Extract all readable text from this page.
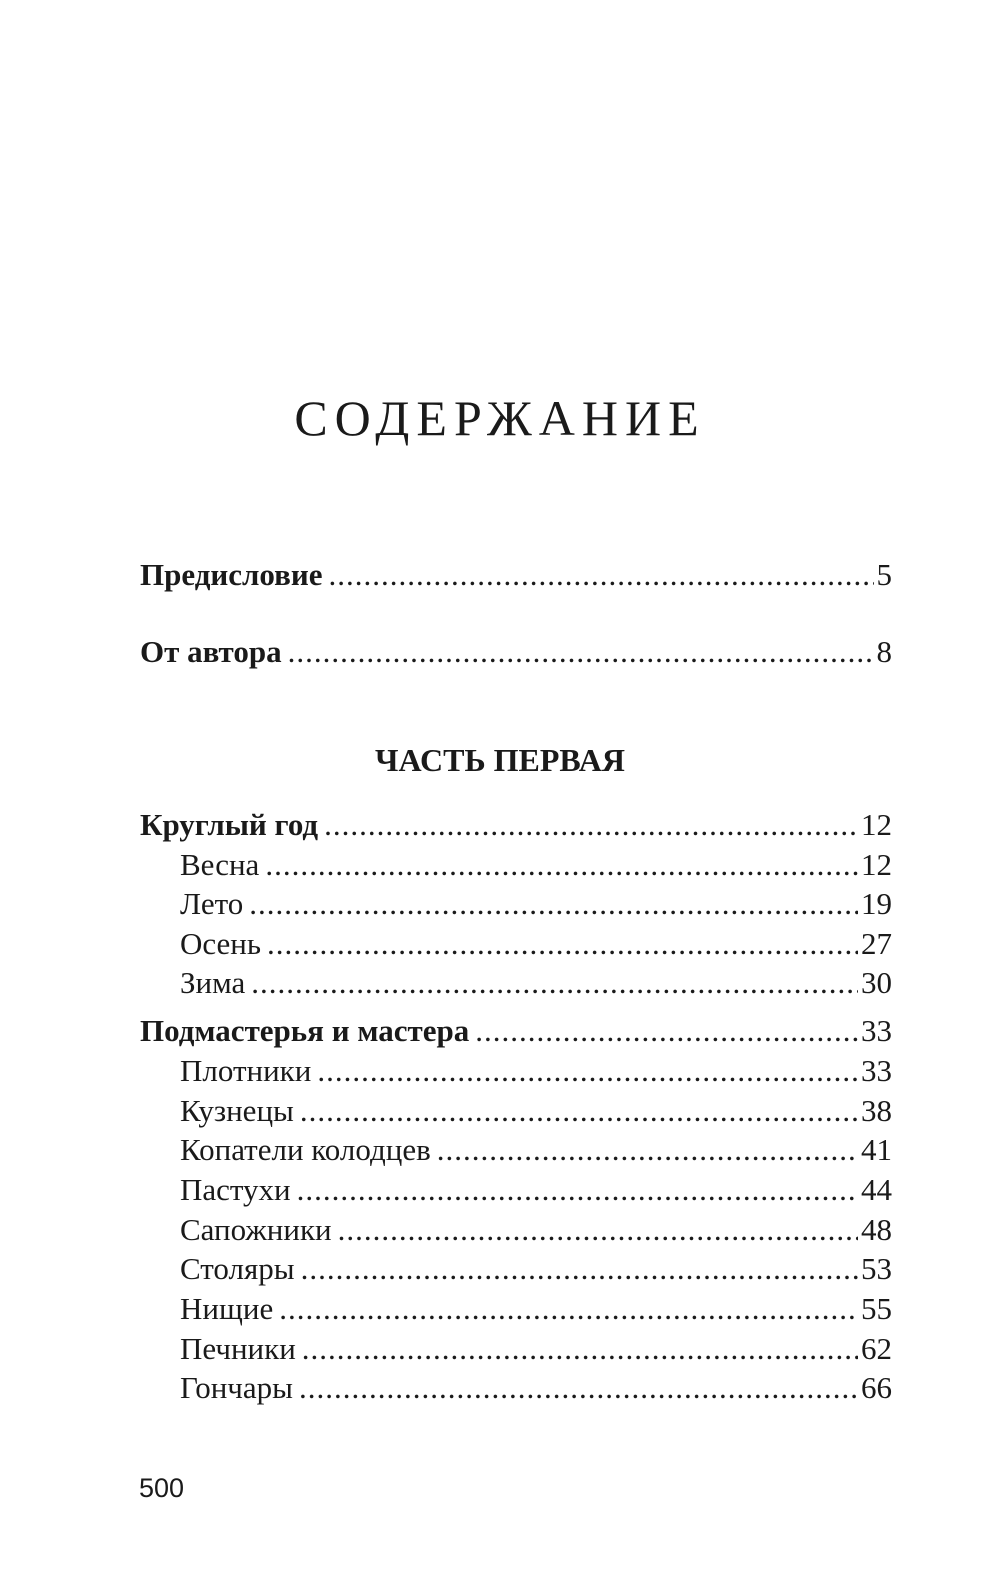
СОДЕРЖАНИЕ
Предисловие .....	5
От автора .....	8
ЧАСТЬ ПЕРВАЯ
Круглый год .....	12
Весна .....	12
Лето .....	19
Осень .....	27
Зима .....	30
Подмастерья и мастера .....	33
Плотники .....	33
Кузнецы .....	38
Копатели колодцев .....	41
Пастухи .....	44
Сапожники .....	48
Столяры .....	53
Нищие .....	55
Печники .....	62
Гончары .....	66
500
